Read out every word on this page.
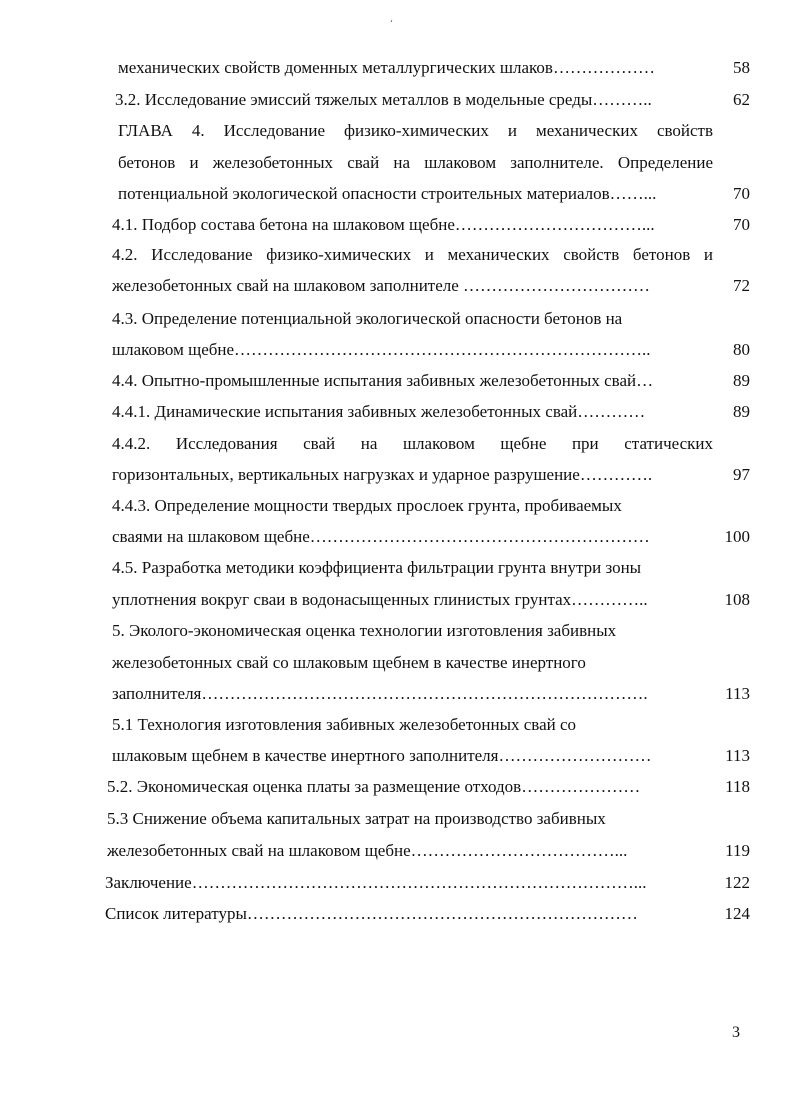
‘
механических свойств доменных металлургических шлаков………………	58
3.2. Исследование эмиссий тяжелых металлов в модельные среды………..	62
ГЛАВА 4. Исследование физико-химических и механических свойств
бетонов и железобетонных свай на шлаковом заполнителе. Определение
потенциальной экологической опасности строительных материалов……...	70
4.1. Подбор состава бетона на шлаковом щебне……………………………...	70
4.2. Исследование физико-химических и механических свойств бетонов и
железобетонных свай на шлаковом заполнителе ……………………………	72
4.3. Определение потенциальной экологической опасности бетонов на
шлаковом щебне………………………………………………………………..	80
4.4. Опытно-промышленные испытания забивных железобетонных свай…	89
4.4.1. Динамические испытания забивных железобетонных свай…………	89
4.4.2. Исследования свай на шлаковом щебне при статических
горизонтальных, вертикальных нагрузках и ударное разрушение………….	97
4.4.3. Определение мощности твердых прослоек грунта, пробиваемых
сваями на шлаковом щебне……………………………………………………	100
4.5. Разработка методики коэффициента фильтрации грунта внутри зоны
уплотнения вокруг сваи в водонасыщенных глинистых грунтах…………..	108
5. Эколого-экономическая оценка технологии изготовления забивных
железобетонных свай со шлаковым щебнем в качестве инертного
заполнителя…………………………………………………………………….	113
5.1 Технология изготовления забивных железобетонных свай со
шлаковым щебнем в качестве инертного заполнителя………………………	113
5.2. Экономическая оценка платы за размещение отходов…………………	118
5.3 Снижение объема капитальных затрат на производство забивных
железобетонных свай на шлаковом щебне………………………………...	119
Заключение……………………………………………………………………...	122
Список литературы……………………………………………………………	124
3
